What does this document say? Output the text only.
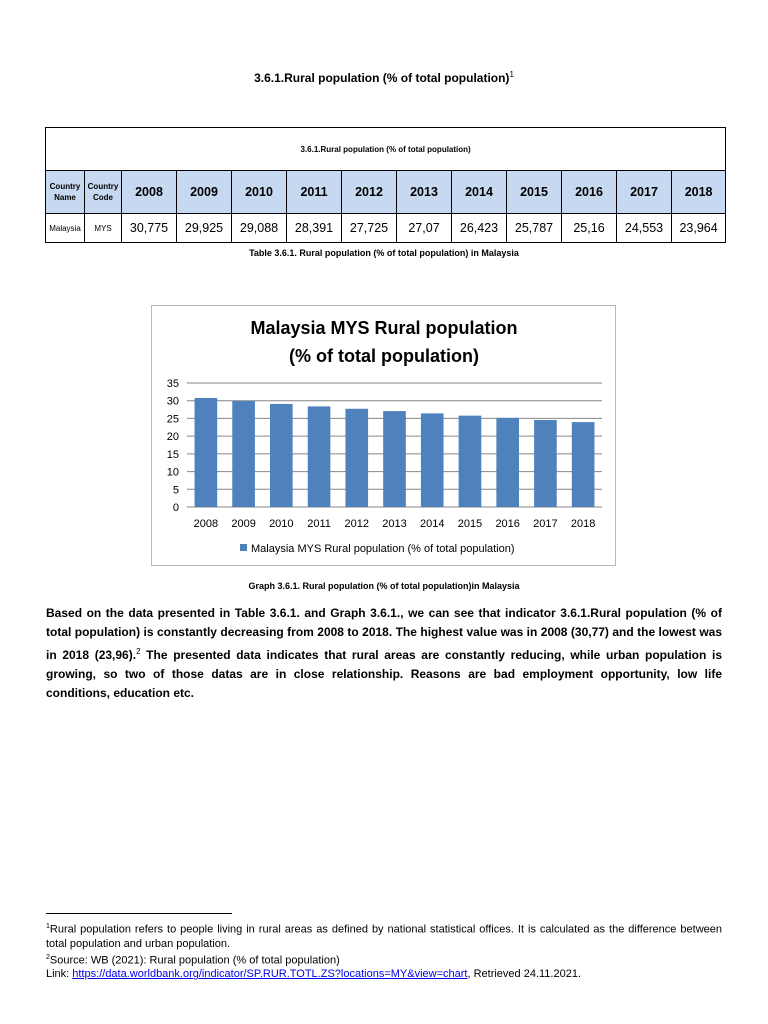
3.6.1.Rural population (% of total population)$^1$
3.6.1.Rural population (% of total population)												
Country Name	Country Code	2008	2009	2010	2011	2012	2013	2014	2015	2016	2017	2018
Malaysia	MYS	30,775	29,925	29,088	28,391	27,725	27,07	26,423	25,787	25,16	24,553	23,964
Table 3.6.1. Rural population (% of total population) in Malaysia
Malaysia MYS Rural population
(% of total population)
0
5
10
15
20
25
30
35
2008 2009 2010 2011 2012 2013 2014 2015 2016 2017 2018
Malaysia MYS Rural population (% of total population)
Graph 3.6.1. Rural population (% of total population)in Malaysia

Based on the data presented in Table 3.6.1. and Graph 3.6.1., we can see that indicator 3.6.1.Rural population (% of total population) is constantly decreasing from 2008 to 2018. The highest value was in 2008 (30,77) and the lowest was in 2018 (23,96).$^2$ The presented data indicates that rural areas are constantly reducing, while urban population is growing, so two of those datas are in close relationship. Reasons are bad employment opportunity, low life conditions, education etc.

$^1$Rural population refers to people living in rural areas as defined by national statistical offices. It is calculated as the difference between total population and urban population.

$^2$Source: WB (2021): Rural population (% of total population)

Link: https://data.worldbank.org/indicator/SP.RUR.TOTL.ZS?locations=MY&view=chart, Retrieved 24.11.2021.
